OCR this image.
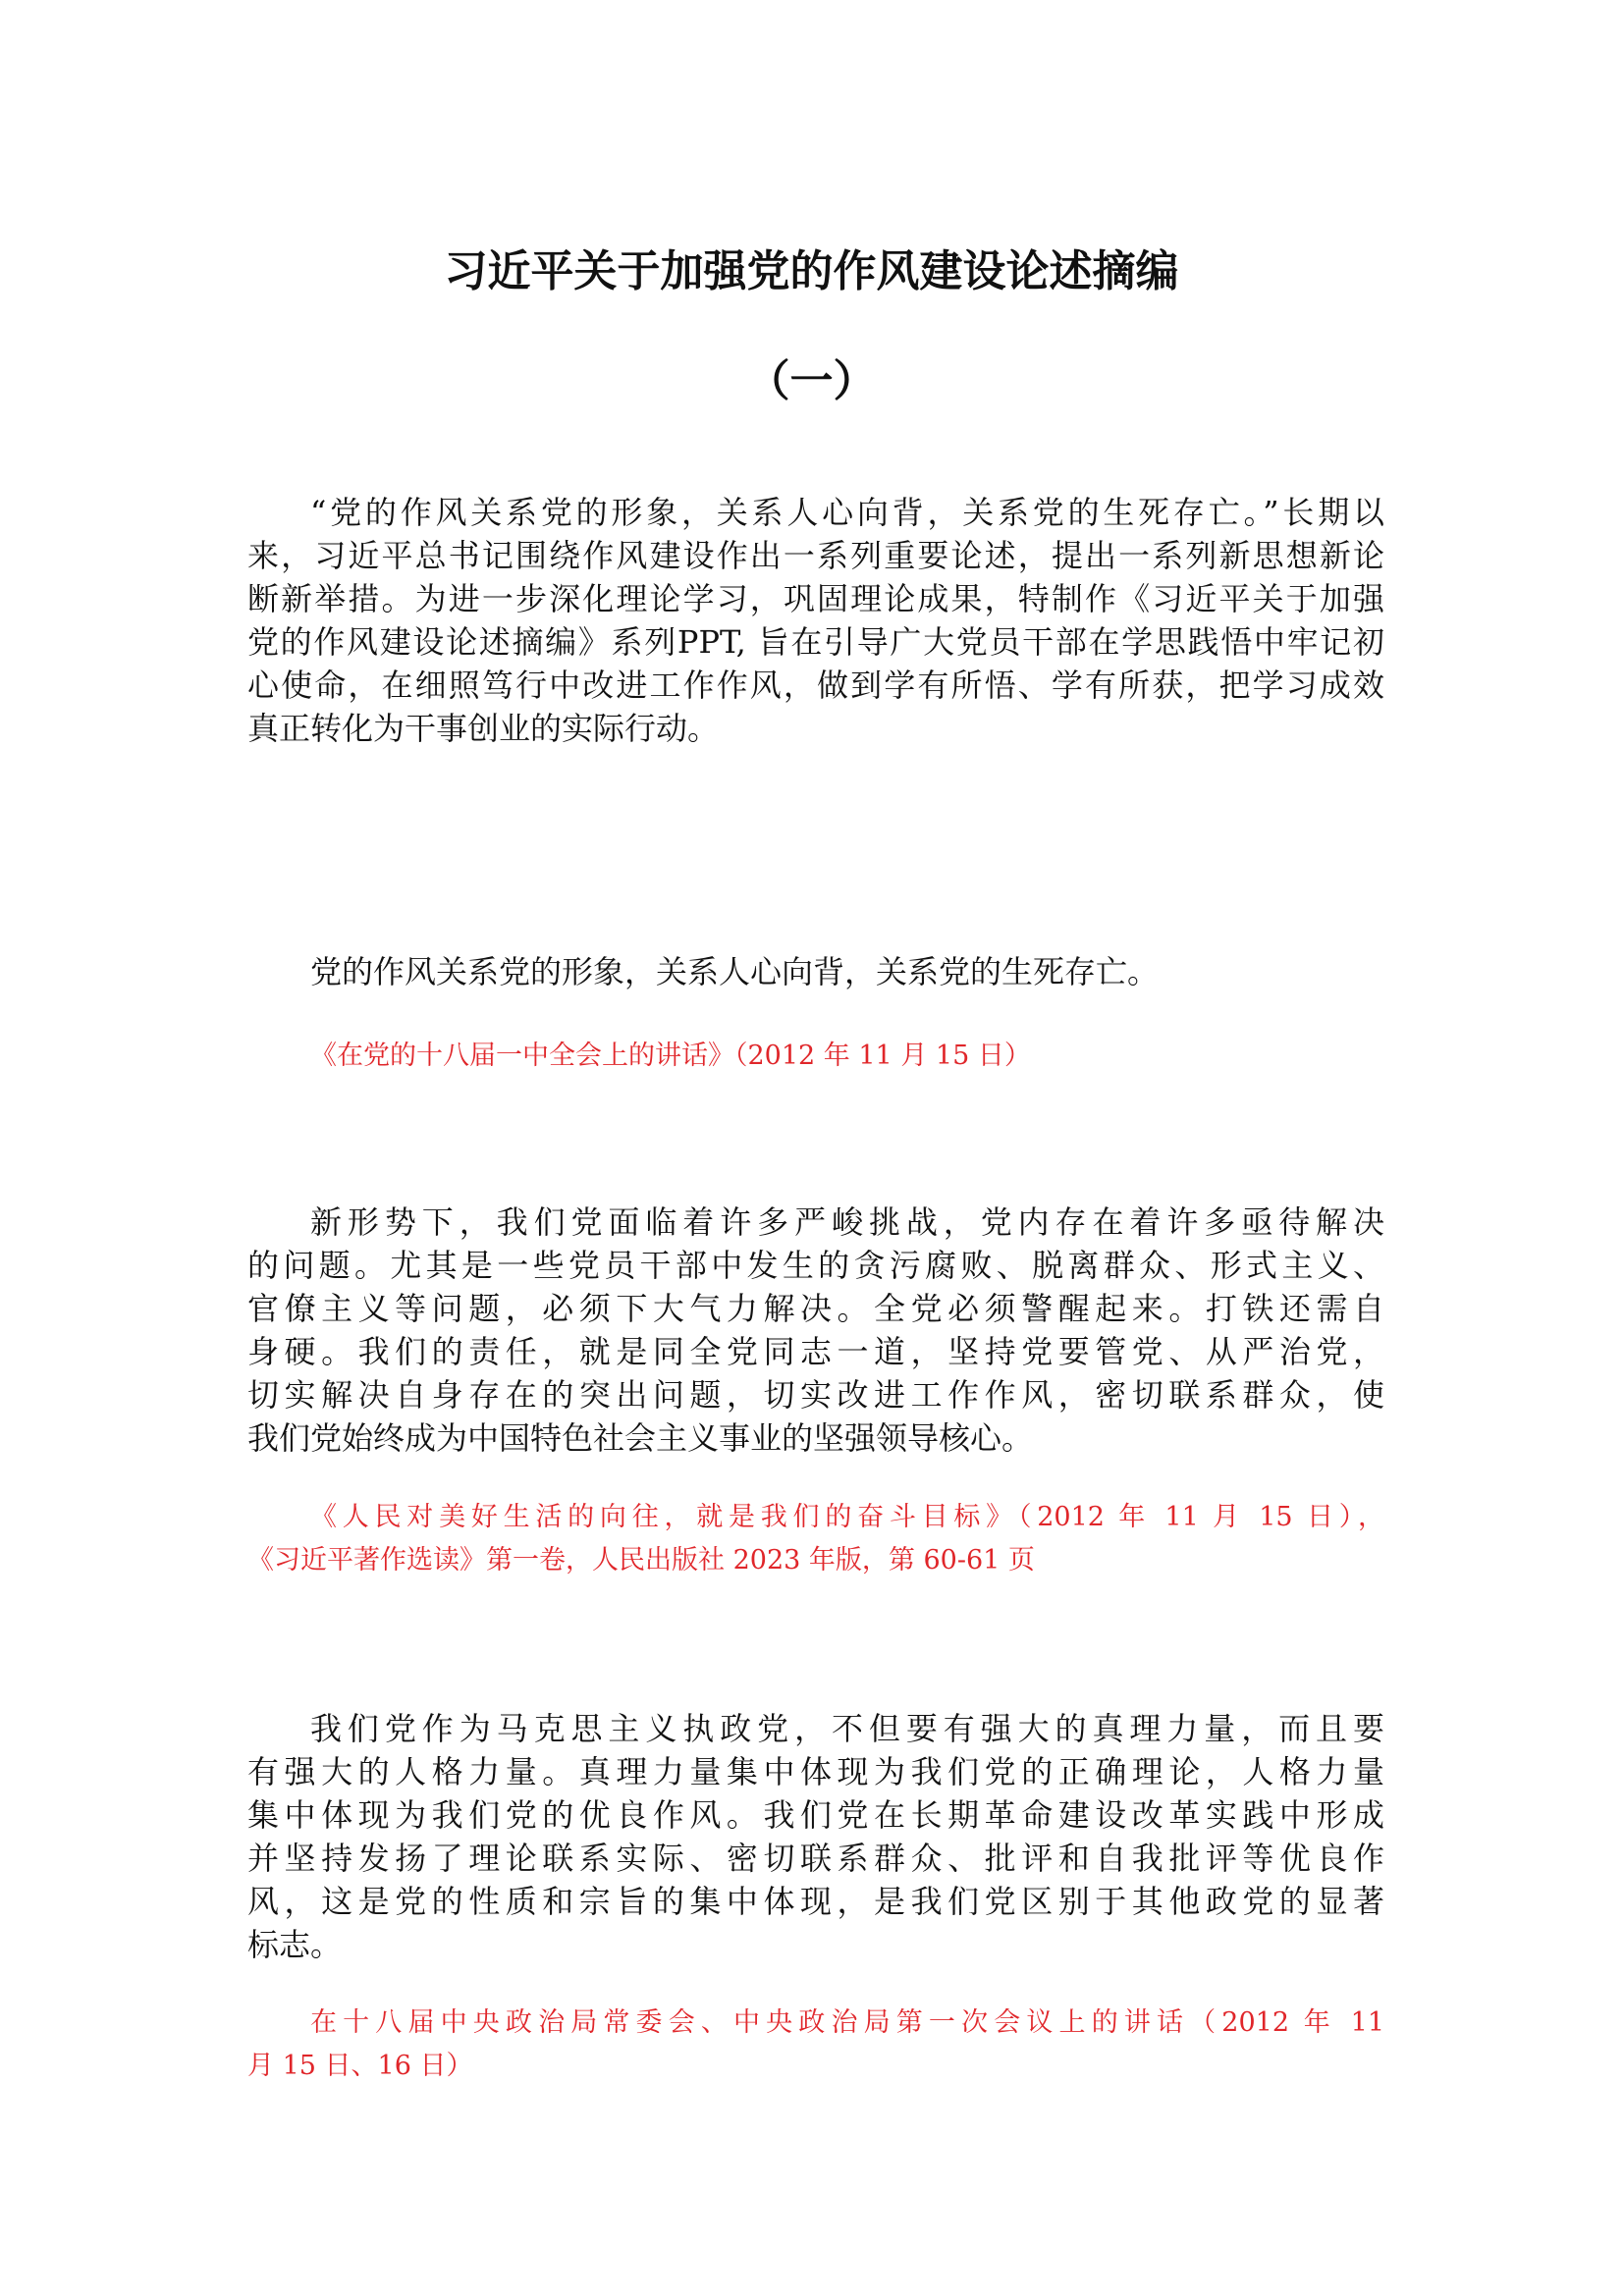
习近平关于加强党的作风建设论述摘编
（一）
“党的作风关系党的形象，关系人心向背，关系党的生死存亡。”长期以
来，习近平总书记围绕作风建设作出一系列重要论述，提出一系列新思想新论
断新举措。为进一步深化理论学习，巩固理论成果，特制作《习近平关于加强
党的作风建设论述摘编》系列PPT, 旨在引导广大党员干部在学思践悟中牢记初
心使命，在细照笃行中改进工作作风，做到学有所悟、学有所获，把学习成效
真正转化为干事创业的实际行动。
党的作风关系党的形象，关系人心向背，关系党的生死存亡。
《在党的十八届一中全会上的讲话》（2012 年 11 月 15 日）
新形势下，我们党面临着许多严峻挑战，党内存在着许多亟待解决
的问题。尤其是一些党员干部中发生的贪污腐败、脱离群众、形式主义、
官僚主义等问题，必须下大气力解决。全党必须警醒起来。打铁还需自
身硬。我们的责任，就是同全党同志一道，坚持党要管党、从严治党，
切实解决自身存在的突出问题，切实改进工作作风，密切联系群众，使
我们党始终成为中国特色社会主义事业的坚强领导核心。
《人民对美好生活的向往，就是我们的奋斗目标》（2012 年 11 月 15 日），
《习近平著作选读》第一卷，人民出版社 2023 年版，第 60-61 页
我们党作为马克思主义执政党，不但要有强大的真理力量，而且要
有强大的人格力量。真理力量集中体现为我们党的正确理论，人格力量
集中体现为我们党的优良作风。我们党在长期革命建设改革实践中形成
并坚持发扬了理论联系实际、密切联系群众、批评和自我批评等优良作
风，这是党的性质和宗旨的集中体现，是我们党区别于其他政党的显著
标志。
在十八届中央政治局常委会、中央政治局第一次会议上的讲话（2012 年 11
月 15 日、16 日）
